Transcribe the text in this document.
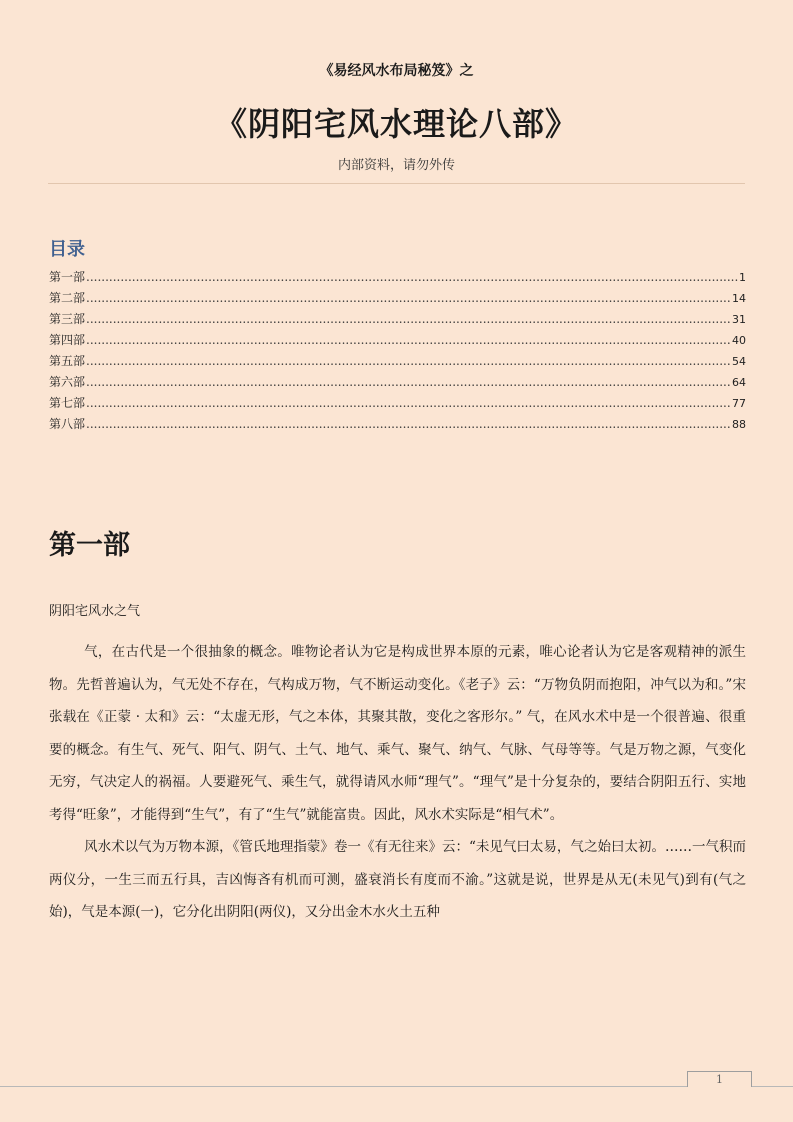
《易经风水布局秘笈》之
《阴阳宅风水理论八部》
内部资料，请勿外传
目录
第一部 .....	1
第二部 .....	14
第三部 .....	31
第四部 .....	40
第五部 .....	54
第六部 .....	64
第七部 .....	77
第八部 .....	88
第一部
阴阳宅风水之气

气，在古代是一个很抽象的概念。唯物论者认为它是构成世界本原的元素，唯心论者认为它是客观精神的派生物。先哲普遍认为，气无处不存在，气构成万物，气不断运动变化。《老子》云：“万物负阴而抱阳，冲气以为和。”宋张载在《正蒙 · 太和》云：“太虚无形，气之本体，其聚其散，变化之客形尔。” 气，在风水术中是一个很普遍、很重要的概念。有生气、死气、阳气、阴气、土气、地气、乘气、聚气、纳气、气脉、气母等等。气是万物之源，气变化无穷，气决定人的祸福。人要避死气、乘生气，就得请风水师“理气”。“理气”是十分复杂的，要结合阴阳五行、实地考得“旺象”，才能得到“生气”，有了“生气”就能富贵。因此，风水术实际是“相气术”。

风水术以气为万物本源，《管氏地理指蒙》卷一《有无往来》云：“未见气曰太易，气之始曰太初。……一气积而两仪分，一生三而五行具，吉凶悔吝有机而可测，盛衰消长有度而不渝。”这就是说，世界是从无(未见气)到有(气之始)，气是本源(一)，它分化出阴阳(两仪)，又分出金木水火土五种

1
